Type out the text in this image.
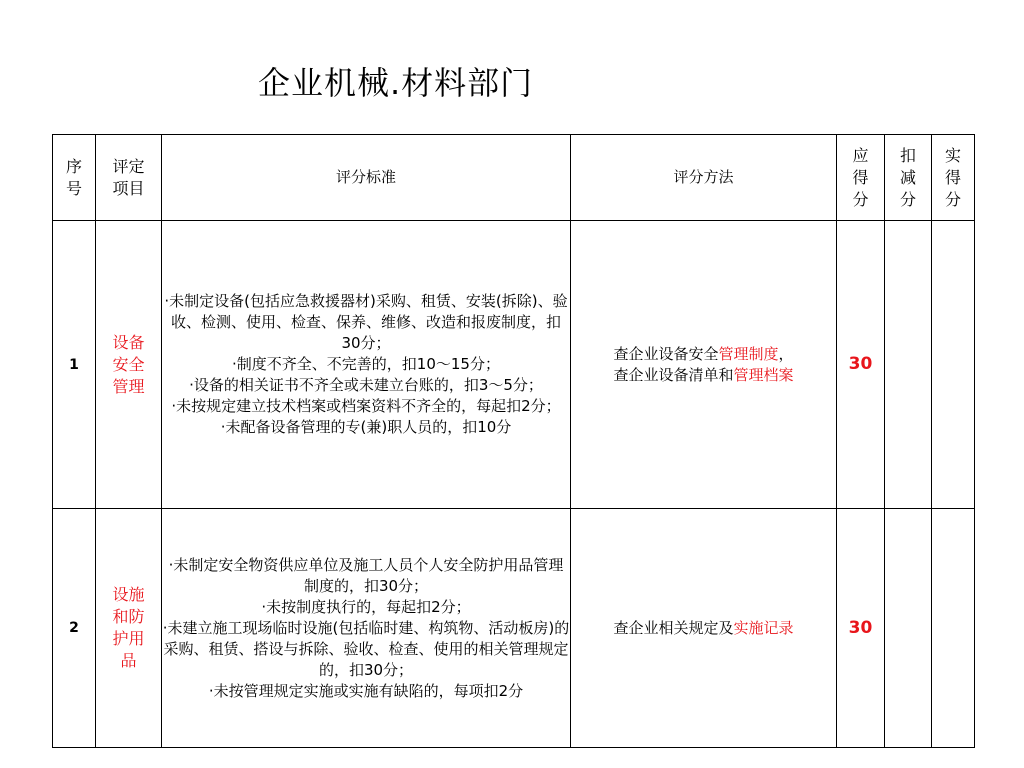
企业机械.材料部门
序号	评定项目	评分标准	评分方法	应得分	扣减分	实得分
1	设备安全管理	·未制定设备(包括应急救援器材)采购、租赁、安装(拆除)、验收、检测、使用、检查、保养、维修、改造和报废制度，扣30分；
·制度不齐全、不完善的，扣10～15分；
·设备的相关证书不齐全或未建立台账的，扣3～5分；
·未按规定建立技术档案或档案资料不齐全的，每起扣2分；
·未配备设备管理的专(兼)职人员的，扣10分	查企业设备安全管理制度，
查企业设备清单和管理档案	30		
2	设施和防护用品	·未制定安全物资供应单位及施工人员个人安全防护用品管理制度的，扣30分；
·未按制度执行的，每起扣2分；
·未建立施工现场临时设施(包括临时建、构筑物、活动板房)的采购、租赁、搭设与拆除、验收、检查、使用的相关管理规定的，扣30分；
·未按管理规定实施或实施有缺陷的，每项扣2分	查企业相关规定及实施记录	30		
